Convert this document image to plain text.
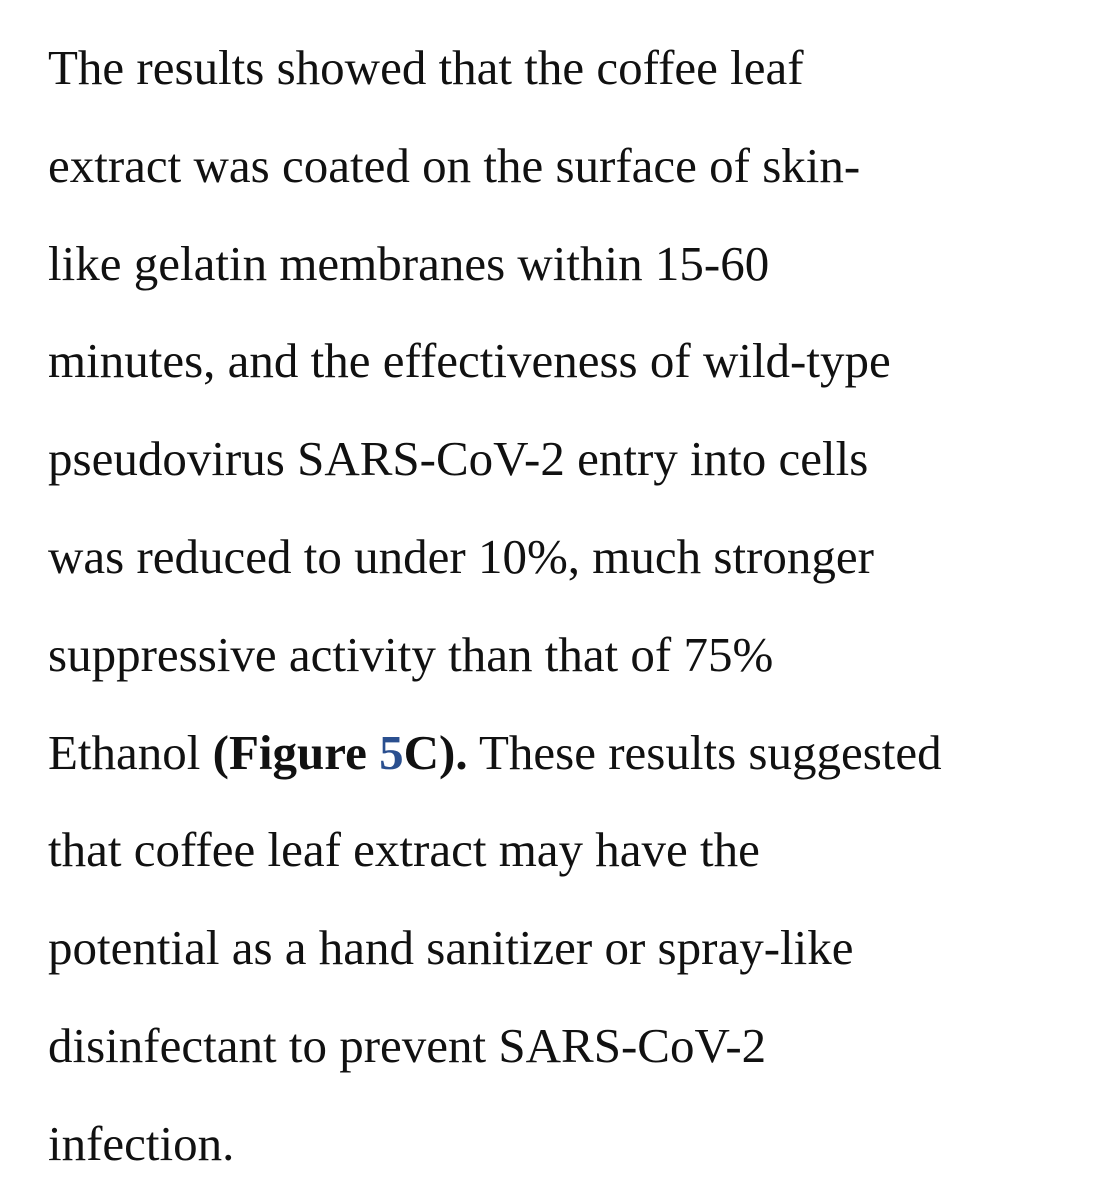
The results showed that the coffee leaf
extract was coated on the surface of skin-
like gelatin membranes within 15-60
minutes, and the effectiveness of wild-type
pseudovirus SARS-CoV-2 entry into cells
was reduced to under 10%, much stronger
suppressive activity than that of 75%
Ethanol (Figure 5C). These results suggested
that coffee leaf extract may have the
potential as a hand sanitizer or spray-like
disinfectant to prevent SARS-CoV-2
infection.
